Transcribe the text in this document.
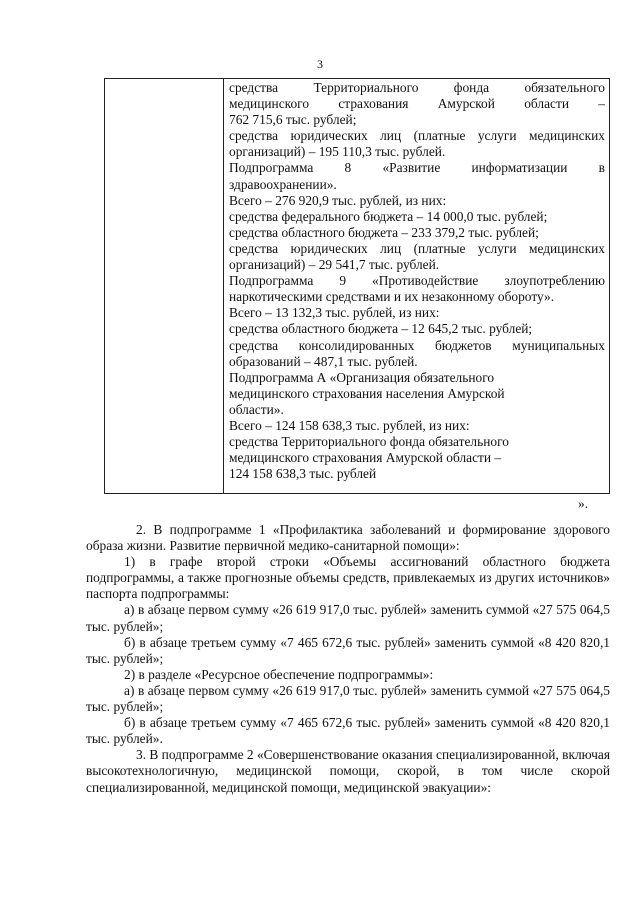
3

средства Территориального фонда обязательного

медицинского страхования Амурской области –

762 715,6 тыс. рублей;

средства юридических лиц (платные услуги медицинских

организаций) – 195 110,3 тыс. рублей.

Подпрограмма 8 «Развитие информатизации в

здравоохранении».

Всего – 276 920,9 тыс. рублей, из них:

средства федерального бюджета – 14 000,0 тыс. рублей;

средства областного бюджета – 233 379,2 тыс. рублей;

средства юридических лиц (платные услуги медицинских

организаций) – 29 541,7 тыс. рублей.

Подпрограмма 9 «Противодействие злоупотреблению

наркотическими средствами и их незаконному обороту».

Всего – 13 132,3 тыс. рублей, из них:

средства областного бюджета – 12 645,2 тыс. рублей;

средства консолидированных бюджетов муниципальных

образований – 487,1 тыс. рублей.

Подпрограмма А «Организация обязательного

медицинского страхования населения Амурской

области».

Всего – 124 158 638,3 тыс. рублей, из них:

средства Территориального фонда обязательного

медицинского страхования Амурской области –

124 158 638,3 тыс. рублей

».

2. В подпрограмме 1 «Профилактика заболеваний и формирование здорового образа жизни. Развитие первичной медико-санитарной помощи»:

1) в графе второй строки «Объемы ассигнований областного бюджета подпрограммы, а также прогнозные объемы средств, привлекаемых из других источников» паспорта подпрограммы:

а) в абзаце первом сумму «26 619 917,0 тыс. рублей» заменить суммой «27 575 064,5 тыс. рублей»;

б) в абзаце третьем сумму «7 465 672,6 тыс. рублей» заменить суммой «8 420 820,1 тыс. рублей»;

2) в разделе «Ресурсное обеспечение подпрограммы»:

а) в абзаце первом сумму «26 619 917,0 тыс. рублей» заменить суммой «27 575 064,5 тыс. рублей»;

б) в абзаце третьем сумму «7 465 672,6 тыс. рублей» заменить суммой «8 420 820,1 тыс. рублей».

3. В подпрограмме 2 «Совершенствование оказания специализированной, включая высокотехнологичную, медицинской помощи, скорой, в том числе скорой специализированной, медицинской помощи, медицинской эвакуации»:
